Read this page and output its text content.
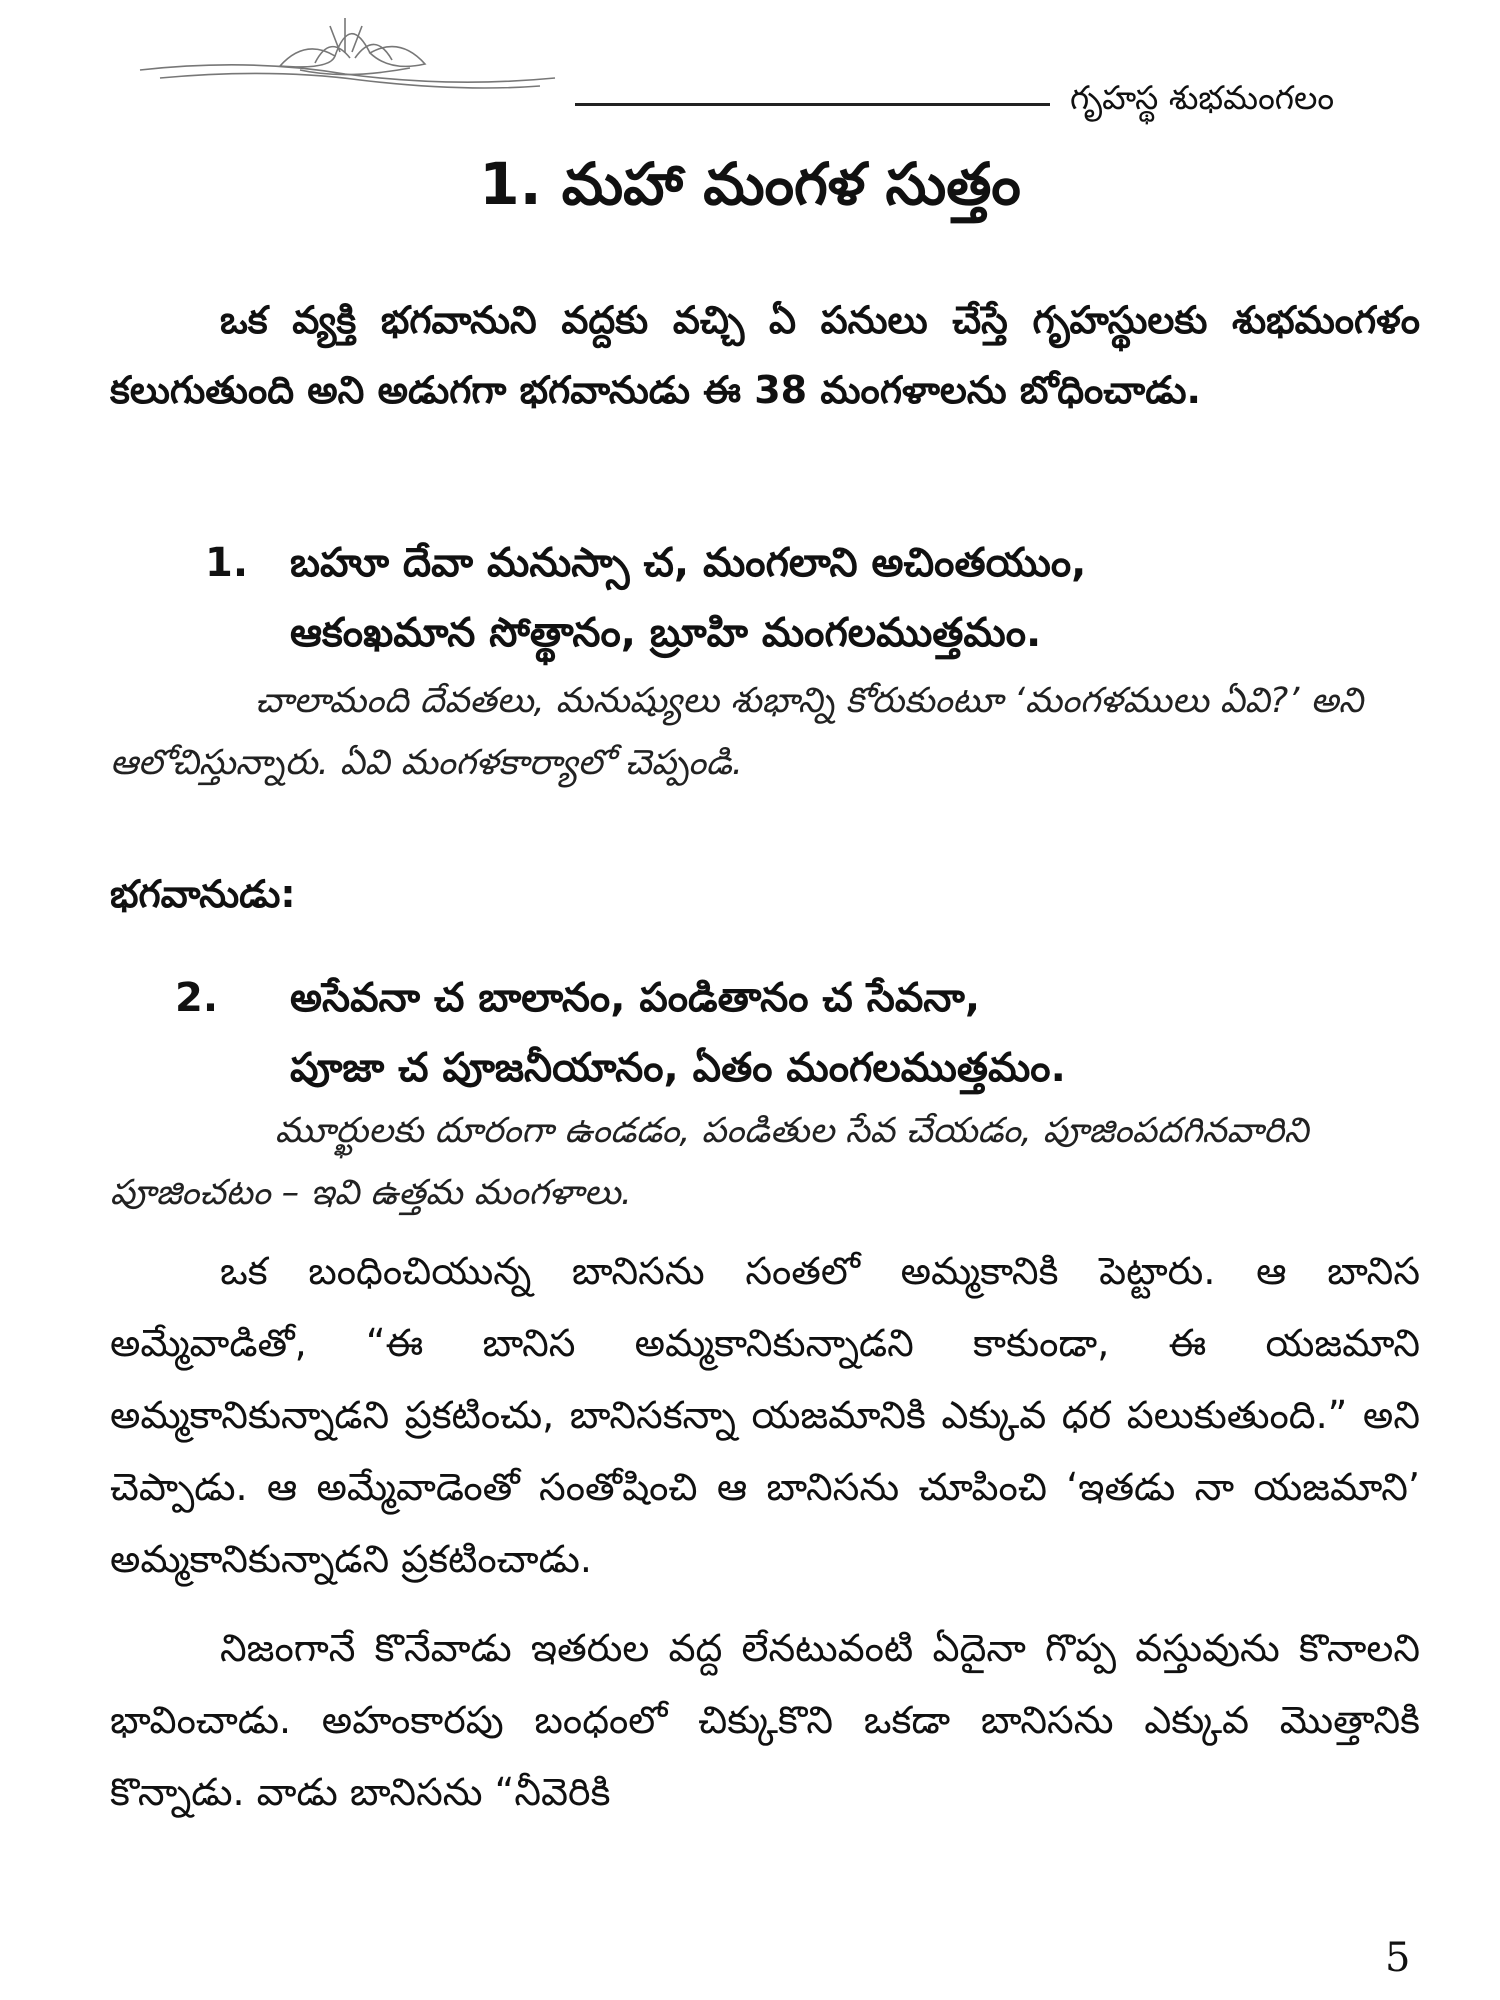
గృహస్థ శుభమంగలం
1. మహా మంగళ సుత్తం
ఒక వ్యక్తి భగవానుని వద్దకు వచ్చి ఏ పనులు చేస్తే గృహస్థులకు శుభమంగళం కలుగుతుంది అని అడుగగా భగవానుడు ఈ 38 మంగళాలను బోధించాడు.
1. బహూ దేవా మనుస్సా చ, మంగలాని అచింతయుం,
ఆకంఖమాన సోత్థానం, బ్రూహి మంగలముత్తమం.
చాలామంది దేవతలు, మనుష్యులు శుభాన్ని కోరుకుంటూ ‘మంగళములు ఏవి?’ అని ఆలోచిస్తున్నారు. ఏవి మంగళకార్యాలో చెప్పండి.
భగవానుడు:
2. అసేవనా చ బాలానం, పండితానం చ సేవనా,
పూజా చ పూజనీయానం, ఏతం మంగలముత్తమం.
మూర్ఖులకు దూరంగా ఉండడం, పండితుల సేవ చేయడం, పూజింపదగినవారిని పూజించటం – ఇవి ఉత్తమ మంగళాలు.
ఒక బంధించియున్న బానిసను సంతలో అమ్మకానికి పెట్టారు. ఆ బానిస అమ్మేవాడితో, “ఈ బానిస అమ్మకానికున్నాడని కాకుండా, ఈ యజమాని అమ్మకానికున్నాడని ప్రకటించు, బానిసకన్నా యజమానికి ఎక్కువ ధర పలుకుతుంది.” అని చెప్పాడు. ఆ అమ్మేవాడెంతో సంతోషించి ఆ బానిసను చూపించి ‘ఇతడు నా యజమాని’ అమ్మకానికున్నాడని ప్రకటించాడు.
నిజంగానే కొనేవాడు ఇతరుల వద్ద లేనటువంటి ఏదైనా గొప్ప వస్తువును కొనాలని భావించాడు. అహంకారపు బంధంలో చిక్కుకొని ఒకడా బానిసను ఎక్కువ మొత్తానికి కొన్నాడు. వాడు బానిసను “నీవెరికి
5
